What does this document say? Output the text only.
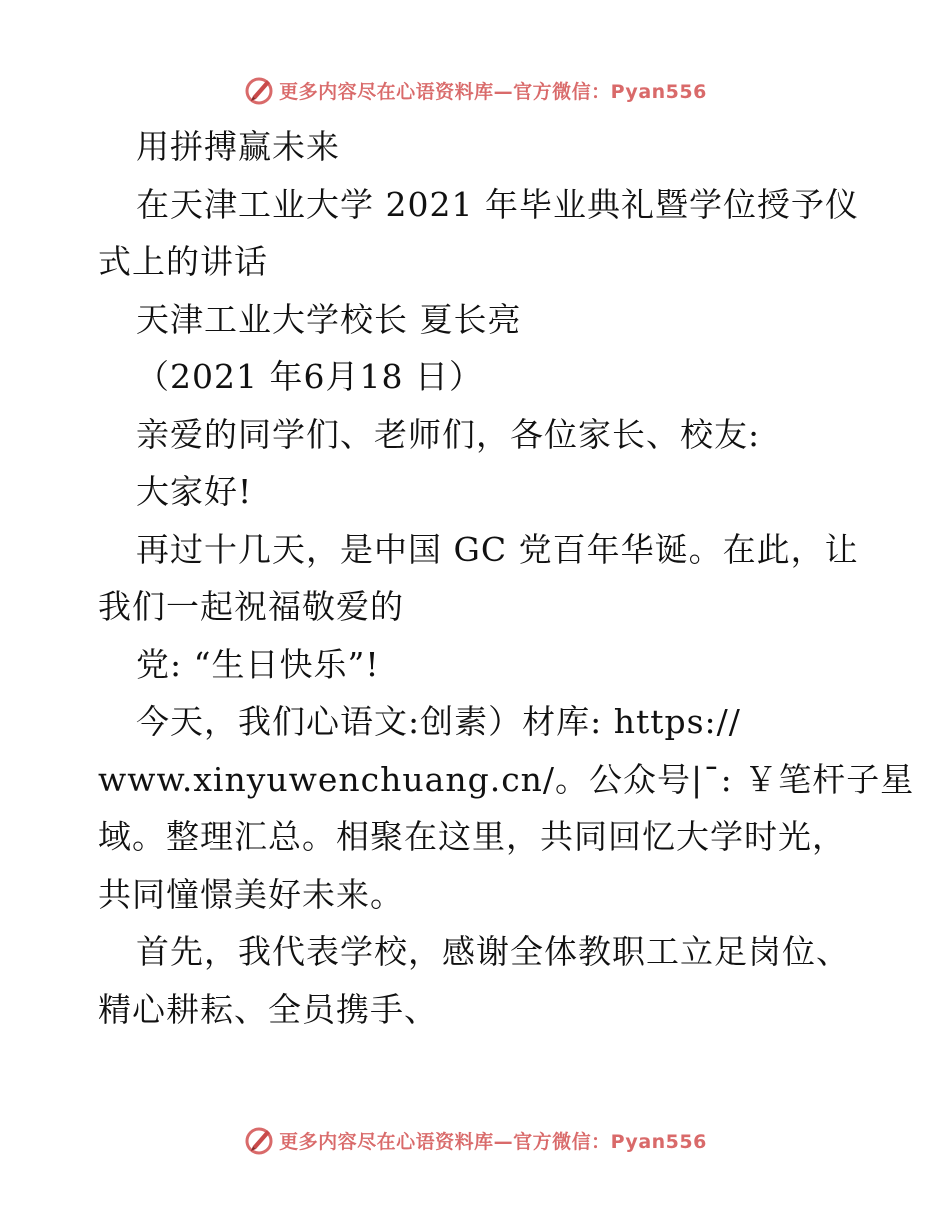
更多内容尽在心语资料库—官方微信：Pyan556
用拼搏赢未来
在天津工业大学 2021 年毕业典礼暨学位授予仪
式上的讲话
天津工业大学校长 夏长亮
（2021 年6月18 日）
亲爱的同学们、老师们，各位家长、校友:
大家好!
再过十几天，是中国 GC 党百年华诞。在此，让
我们一起祝福敬爱的
党: “生日快乐”!
今天，我们心语文:创素）材库: https://
www.xinyuwenchuang.cn/。公众号|¯: ￥笔杆子星
域。整理汇总。相聚在这里，共同回忆大学时光，
共同憧憬美好未来。
首先，我代表学校，感谢全体教职工立足岗位、
精心耕耘、全员携手、
更多内容尽在心语资料库—官方微信：Pyan556
